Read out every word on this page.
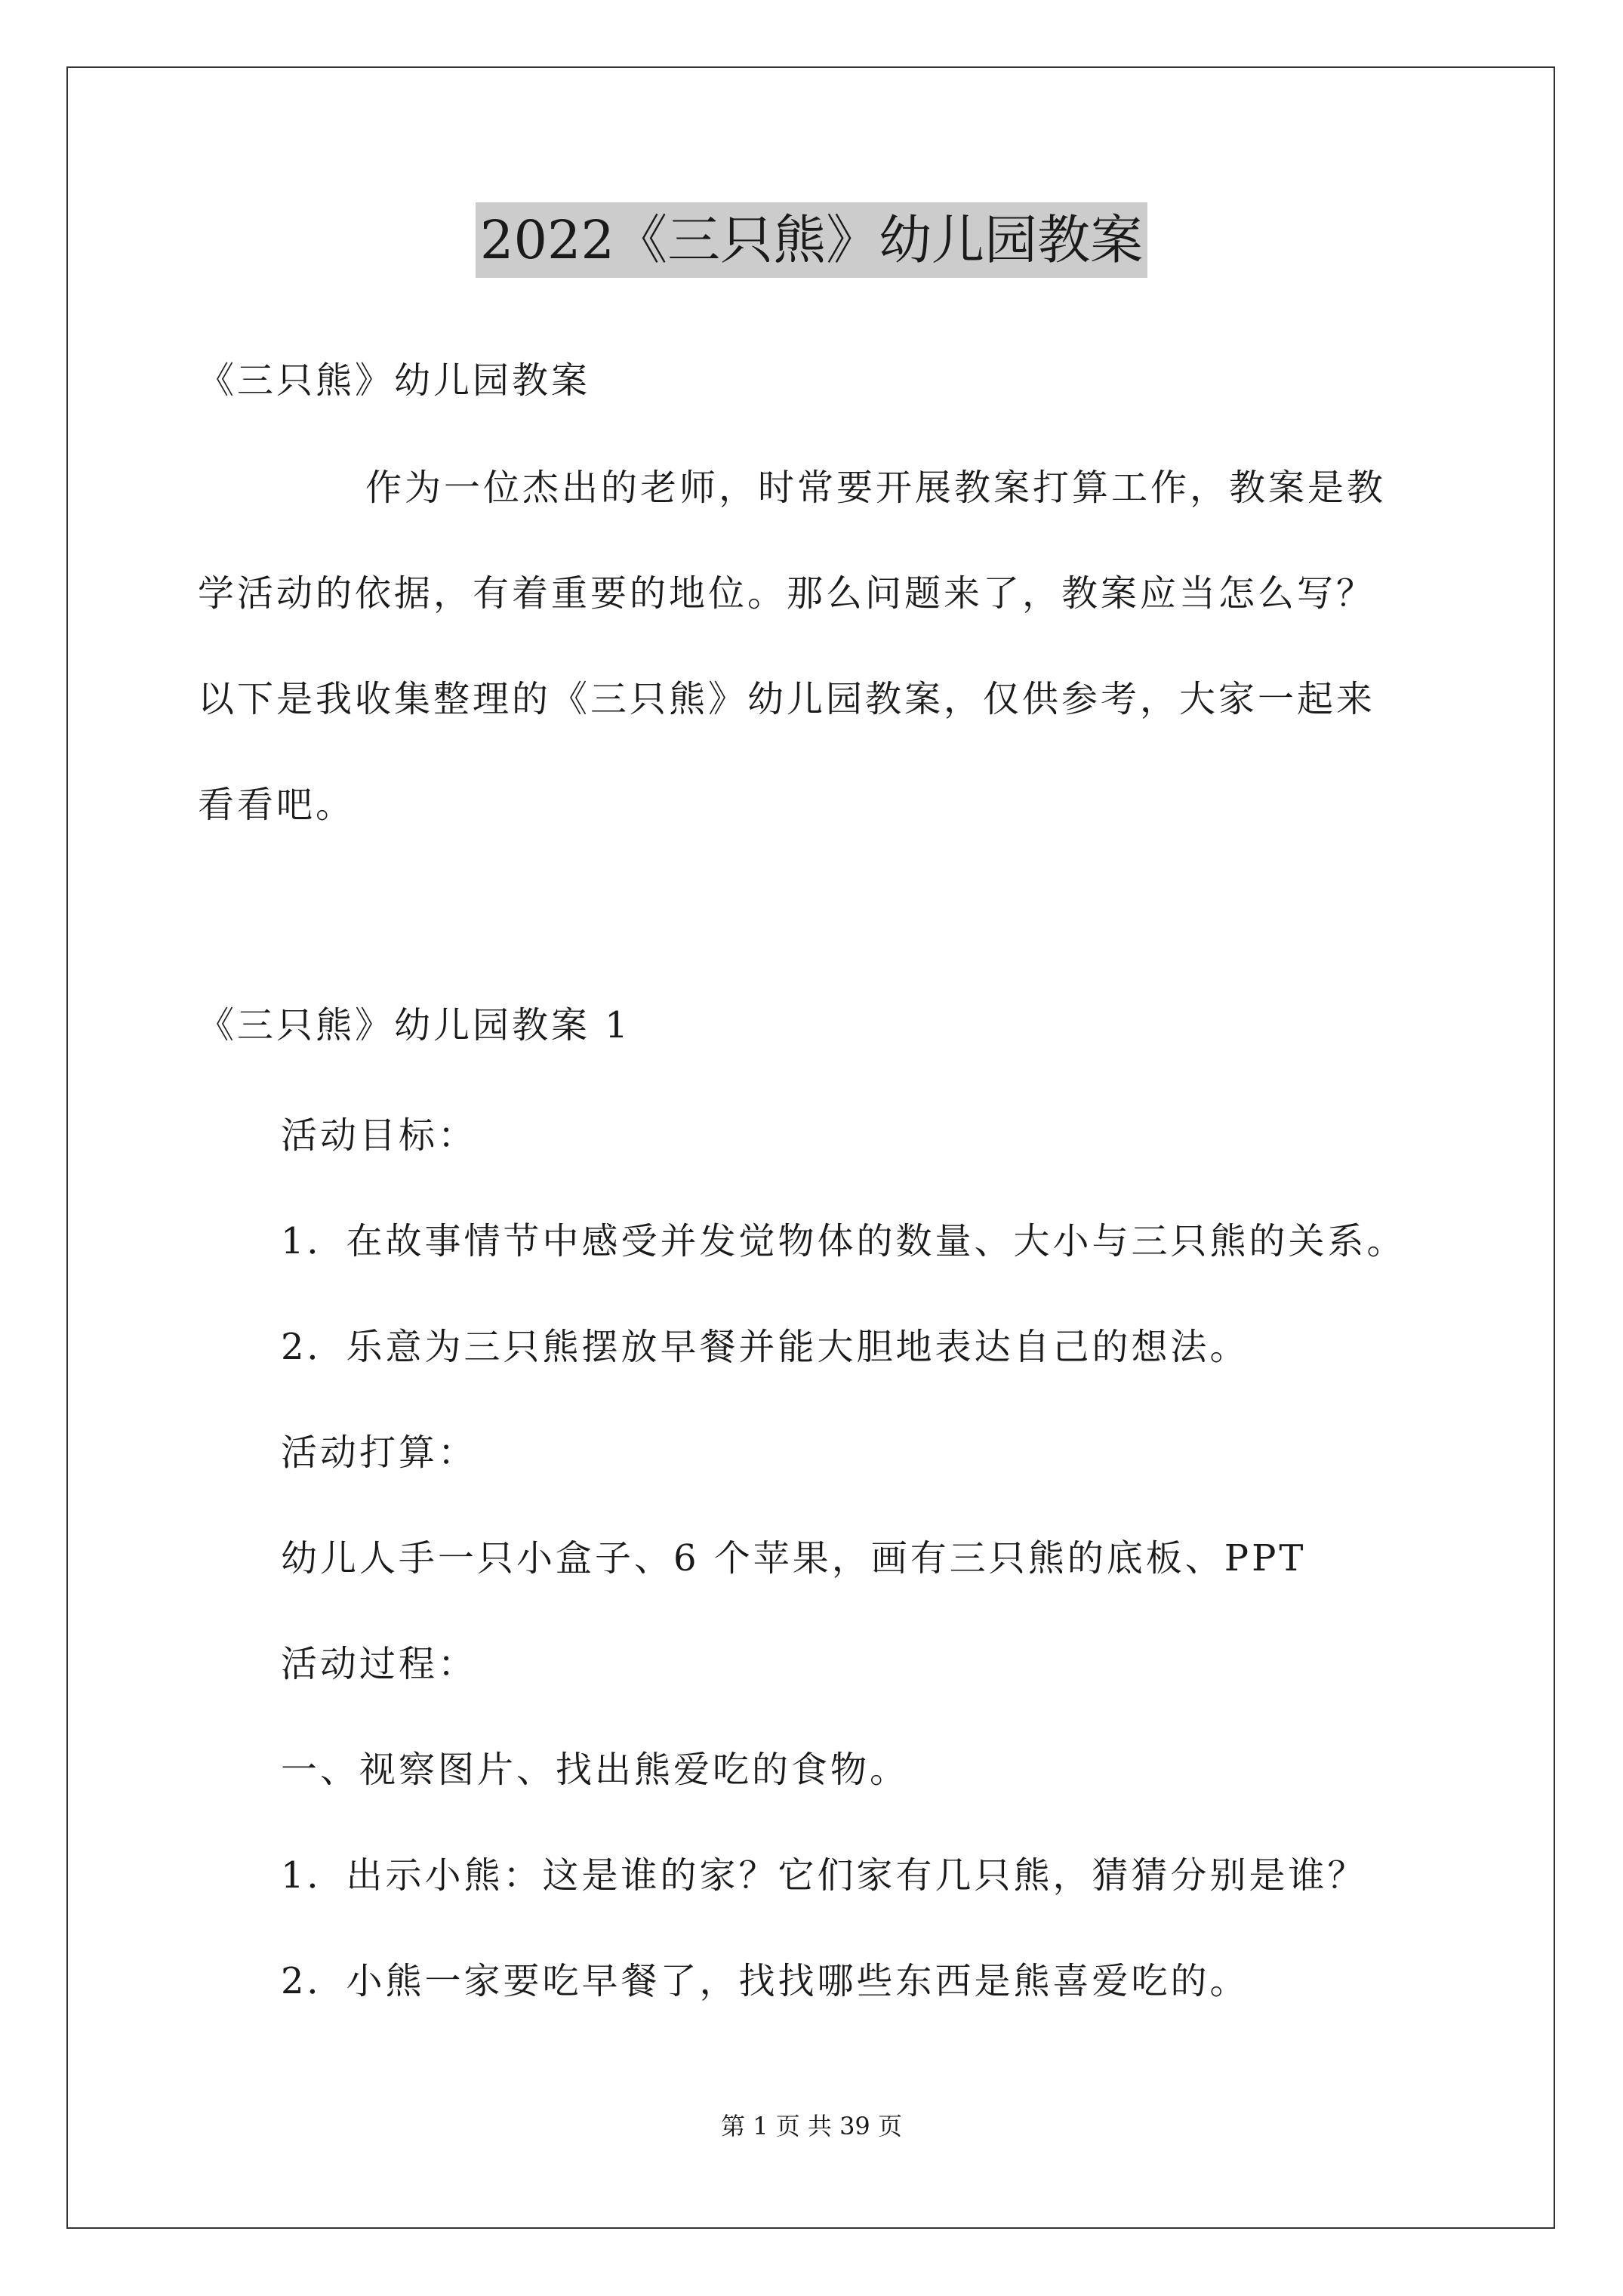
2022《三只熊》幼儿园教案
《三只熊》幼儿园教案
作为一位杰出的老师，时常要开展教案打算工作，教案是教
学活动的依据，有着重要的地位。那么问题来了，教案应当怎么写？
以下是我收集整理的《三只熊》幼儿园教案，仅供参考，大家一起来
看看吧。
《三只熊》幼儿园教案 1
活动目标：
1．在故事情节中感受并发觉物体的数量、大小与三只熊的关系。
2．乐意为三只熊摆放早餐并能大胆地表达自己的想法。
活动打算：
幼儿人手一只小盒子、6 个苹果，画有三只熊的底板、PPT
活动过程：
一、视察图片、找出熊爱吃的食物。
1．出示小熊：这是谁的家？它们家有几只熊，猜猜分别是谁？
2．小熊一家要吃早餐了，找找哪些东西是熊喜爱吃的。
第 1 页 共 39 页
